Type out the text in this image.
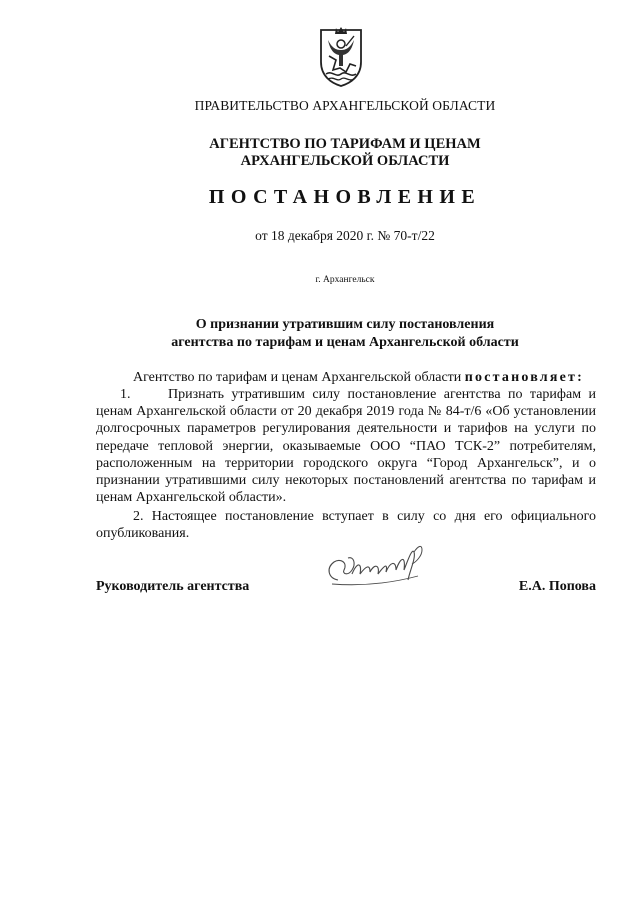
ПРАВИТЕЛЬСТВО АРХАНГЕЛЬСКОЙ ОБЛАСТИ
АГЕНТСТВО ПО ТАРИФАМ И ЦЕНАМ
АРХАНГЕЛЬСКОЙ ОБЛАСТИ
ПОСТАНОВЛЕНИЕ
от 18 декабря 2020 г. № 70-т/22
г. Архангельск
О признании утратившим силу постановления
агентства по тарифам и ценам Архангельской области
Агентство по тарифам и ценам Архангельской области постановляет:
1.	Признать утратившим силу постановление агентства по тарифам и ценам Архангельской области от 20 декабря 2019 года № 84-т/6 «Об установлении долгосрочных параметров регулирования деятельности и тарифов на услуги по передаче тепловой энергии, оказываемые ООО “ПАО ТСК-2” потребителям, расположенным на территории городского округа “Город Архангельск”, и о признании утратившими силу некоторых постановлений агентства по тарифам и ценам Архангельской области».
2. Настоящее постановление вступает в силу со дня его официального опубликования.
Руководитель агентства	Е.А. Попова
